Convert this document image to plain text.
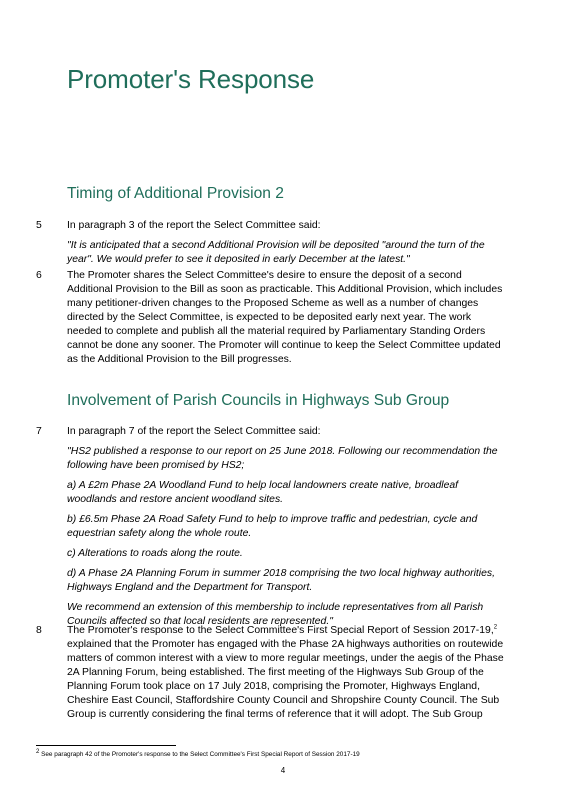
Promoter's Response
Timing of Additional Provision 2
5 In paragraph 3 of the report the Select Committee said:
"It is anticipated that a second Additional Provision will be deposited "around the turn of the year". We would prefer to see it deposited in early December at the latest."
6 The Promoter shares the Select Committee's desire to ensure the deposit of a second Additional Provision to the Bill as soon as practicable. This Additional Provision, which includes many petitioner-driven changes to the Proposed Scheme as well as a number of changes directed by the Select Committee, is expected to be deposited early next year. The work needed to complete and publish all the material required by Parliamentary Standing Orders cannot be done any sooner. The Promoter will continue to keep the Select Committee updated as the Additional Provision to the Bill progresses.
Involvement of Parish Councils in Highways Sub Group
7 In paragraph 7 of the report the Select Committee said:
"HS2 published a response to our report on 25 June 2018. Following our recommendation the following have been promised by HS2;
a) A £2m Phase 2A Woodland Fund to help local landowners create native, broadleaf woodlands and restore ancient woodland sites.
b) £6.5m Phase 2A Road Safety Fund to help to improve traffic and pedestrian, cycle and equestrian safety along the whole route.
c) Alterations to roads along the route.
d) A Phase 2A Planning Forum in summer 2018 comprising the two local highway authorities, Highways England and the Department for Transport.
We recommend an extension of this membership to include representatives from all Parish Councils affected so that local residents are represented."
8 The Promoter's response to the Select Committee's First Special Report of Session 2017-19,$^2$ explained that the Promoter has engaged with the Phase 2A highways authorities on routewide matters of common interest with a view to more regular meetings, under the aegis of the Phase 2A Planning Forum, being established. The first meeting of the Highways Sub Group of the Planning Forum took place on 17 July 2018, comprising the Promoter, Highways England, Cheshire East Council, Staffordshire County Council and Shropshire County Council. The Sub Group is currently considering the final terms of reference that it will adopt. The Sub Group
$^2$ See paragraph 42 of the Promoter's response to the Select Committee's First Special Report of Session 2017-19
4
